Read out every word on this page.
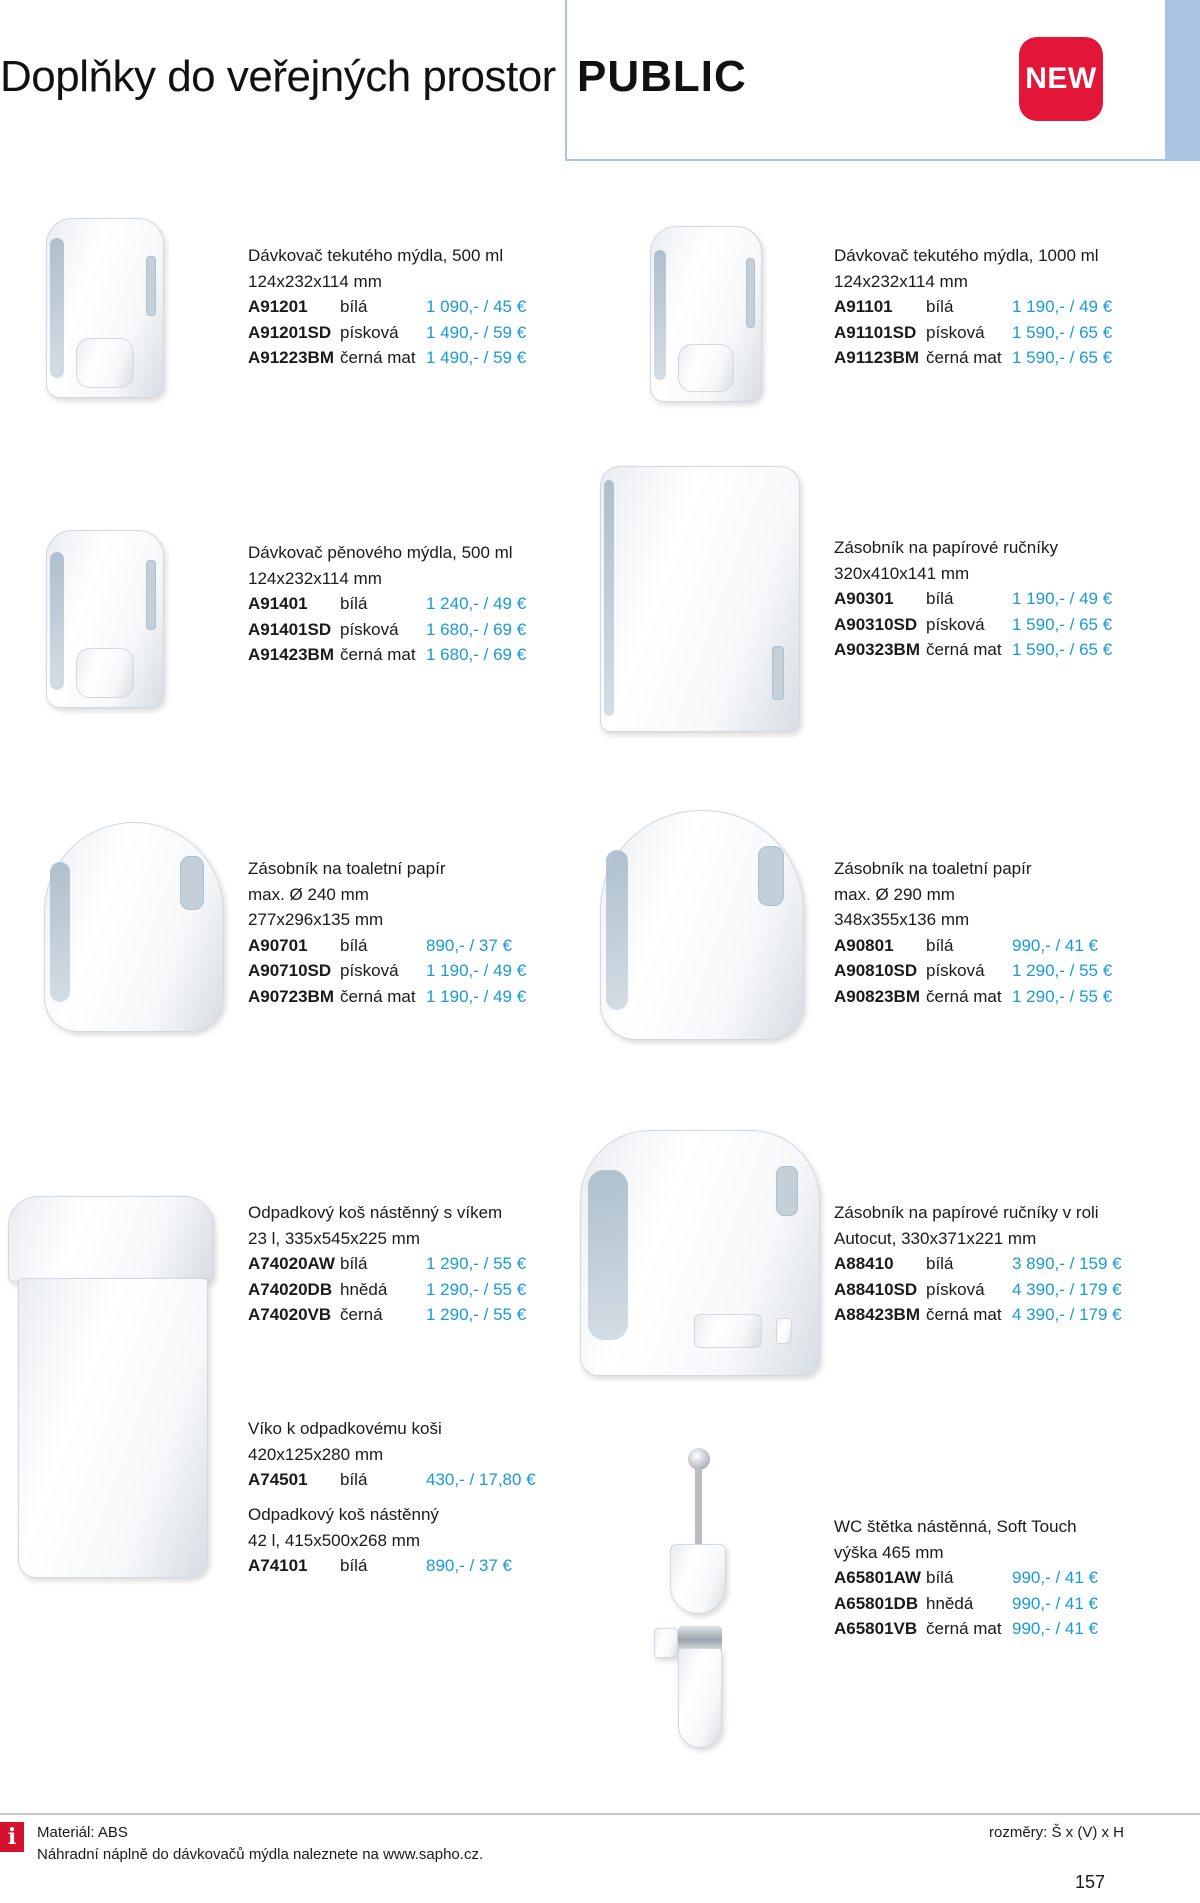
Doplňky do veřejných prostor PUBLIC	NEW
Dávkovač tekutého mýdla, 500 ml
124x232x114 mm
A91201	bílá	1 090,- / 45 €
A91201SD písková	1 490,- / 59 €
A91223BM černá mat 1 490,- / 59 €
Dávkovač tekutého mýdla, 1000 ml
124x232x114 mm
A91101	bílá	1 190,- / 49 €
A91101SD písková	1 590,- / 65 €
A91123BM černá mat 1 590,- / 65 €
Dávkovač pěnového mýdla, 500 ml
124x232x114 mm
A91401	bílá	1 240,- / 49 €
A91401SD písková	1 680,- / 69 €
A91423BM černá mat 1 680,- / 69 €
Zásobník na papírové ručníky
320x410x141 mm
A90301	bílá	1 190,- / 49 €
A90310SD písková	1 590,- / 65 €
A90323BM černá mat 1 590,- / 65 €
Zásobník na toaletní papír
max. Ø 240 mm
277x296x135 mm
A90701	bílá	890,- / 37 €
A90710SD písková	1 190,- / 49 €
A90723BM černá mat 1 190,- / 49 €
Zásobník na toaletní papír
max. Ø 290 mm
348x355x136 mm
A90801	bílá	990,- / 41 €
A90810SD písková	1 290,- / 55 €
A90823BM černá mat 1 290,- / 55 €
Odpadkový koš nástěnný s víkem
23 l, 335x545x225 mm
A74020AW bílá	1 290,- / 55 €
A74020DB hnědá	1 290,- / 55 €
A74020VB černá	1 290,- / 55 €
Zásobník na papírové ručníky v roli
Autocut, 330x371x221 mm
A88410	bílá	3 890,- / 159 €
A88410SD písková	4 390,- / 179 €
A88423BM černá mat 4 390,- / 179 €
Víko k odpadkovému koši
420x125x280 mm
A74501	bílá	430,- / 17,80 €
Odpadkový koš nástěnný
42 l, 415x500x268 mm
A74101	bílá	890,- / 37 €
WC štětka nástěnná, Soft Touch
výška 465 mm
A65801AW bílá	990,- / 41 €
A65801DB hnědá	990,- / 41 €
A65801VB černá mat 990,- / 41 €
i	Materiál: ABS
Náhradní náplně do dávkovačů mýdla naleznete na www.sapho.cz.
rozměry: Š x (V) x H
157
